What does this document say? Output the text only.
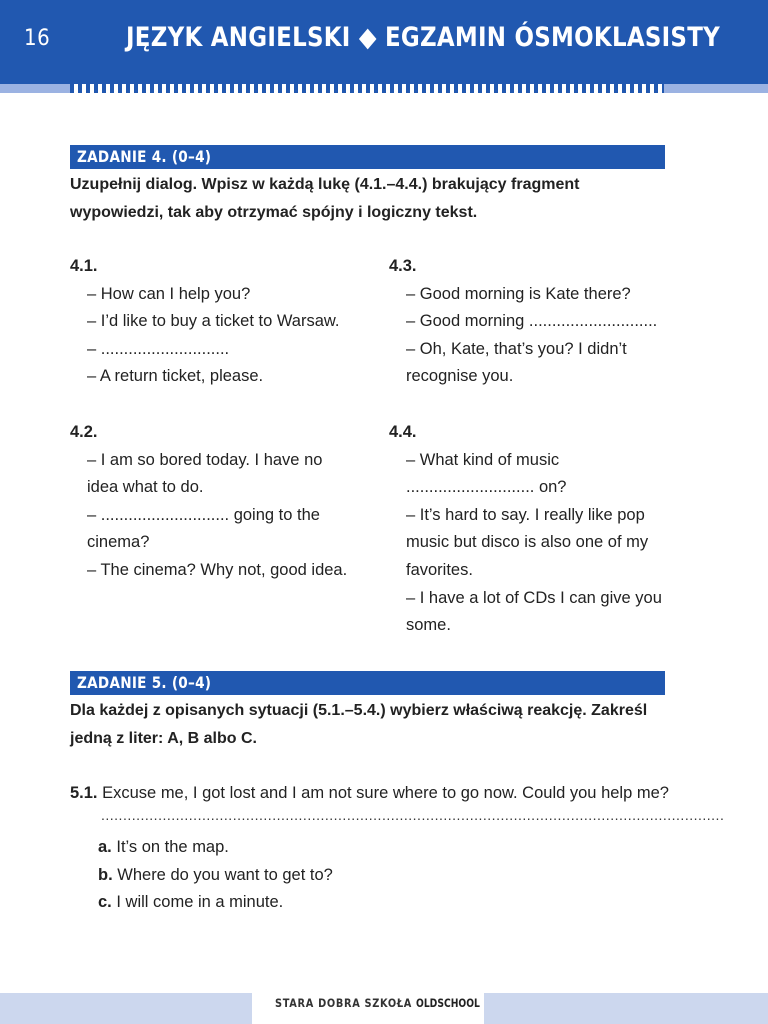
16	JĘZYK ANGIELSKI ◆ EGZAMIN ÓSMOKLASISTY
ZADANIE 4. (0–4)
Uzupełnij dialog. Wpisz w każdą lukę (4.1.–4.4.) brakujący fragment
wypowiedzi, tak aby otrzymać spójny i logiczny tekst.
4.1.
– How can I help you?
– I’d like to buy a ticket to Warsaw.
– ............................
– A return ticket, please.
4.2.
– I am so bored today. I have no
idea what to do.
– ............................ going to the
cinema?
– The cinema? Why not, good idea.
4.3.
– Good morning is Kate there?
– Good morning ............................
– Oh, Kate, that’s you? I didn’t
recognise you.
4.4.
– What kind of music
............................ on?
– It’s hard to say. I really like pop
music but disco is also one of my
favorites.
– I have a lot of CDs I can give you
some.
ZADANIE 5. (0–4)
Dla każdej z opisanych sytuacji (5.1.–5.4.) wybierz właściwą reakcję. Zakreśl
jedną z liter: A, B albo C.
5.1. Excuse me, I got lost and I am not sure where to go now. Could you help me?
..............................................................................................................................................
a. It’s on the map.
b. Where do you want to get to?
c. I will come in a minute.
STARA DOBRA SZKOŁA OLDSCHOOL
